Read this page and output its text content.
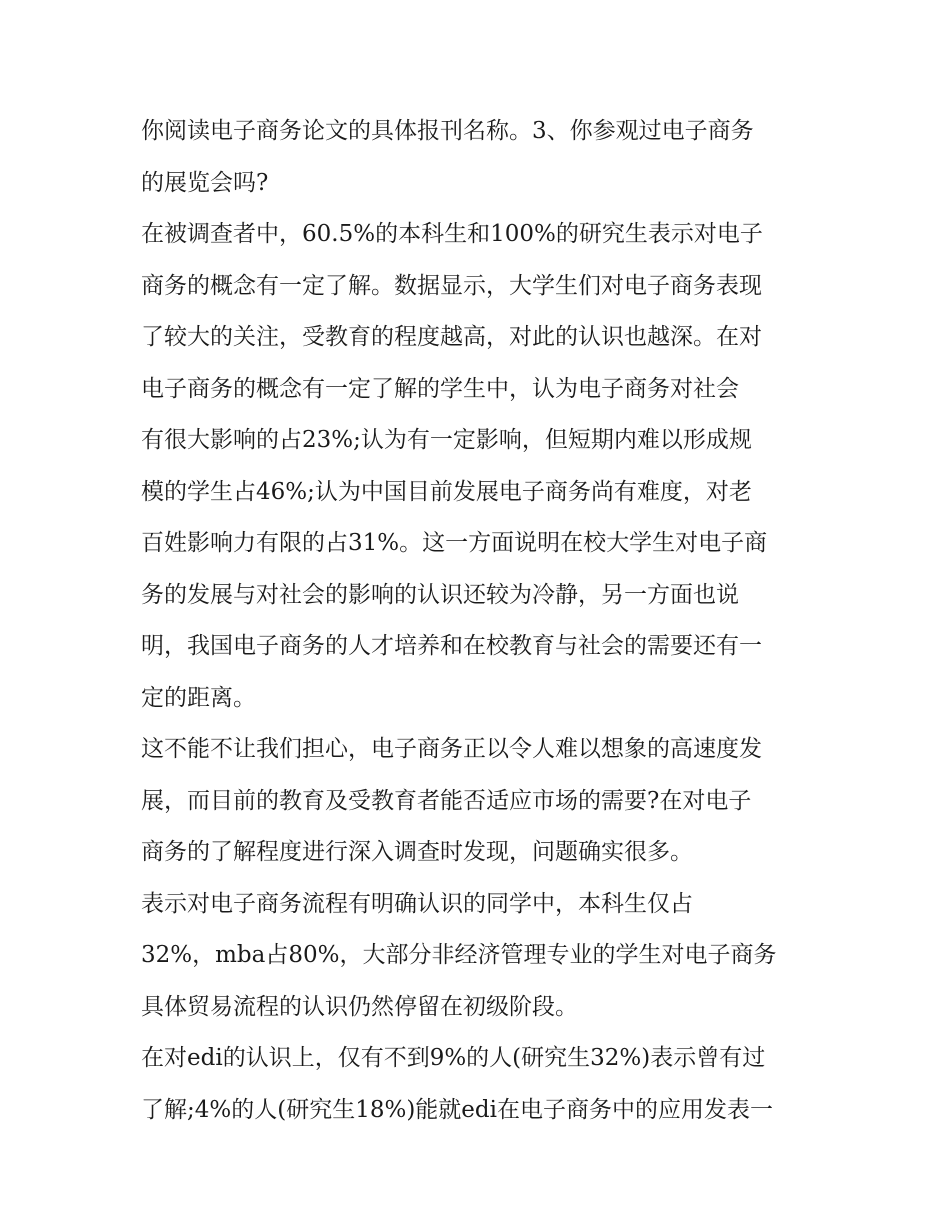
你阅读电子商务论文的具体报刊名称。3、你参观过电子商务
的展览会吗?
在被调查者中，60.5%的本科生和100%的研究生表示对电子
商务的概念有一定了解。数据显示，大学生们对电子商务表现
了较大的关注，受教育的程度越高，对此的认识也越深。在对
电子商务的概念有一定了解的学生中，认为电子商务对社会
有很大影响的占23%;认为有一定影响，但短期内难以形成规
模的学生占46%;认为中国目前发展电子商务尚有难度，对老
百姓影响力有限的占31%。这一方面说明在校大学生对电子商
务的发展与对社会的影响的认识还较为冷静，另一方面也说
明，我国电子商务的人才培养和在校教育与社会的需要还有一
定的距离。
这不能不让我们担心，电子商务正以令人难以想象的高速度发
展，而目前的教育及受教育者能否适应市场的需要?在对电子
商务的了解程度进行深入调查时发现，问题确实很多。
表示对电子商务流程有明确认识的同学中，本科生仅占
32%，mba占80%，大部分非经济管理专业的学生对电子商务
具体贸易流程的认识仍然停留在初级阶段。
在对edi的认识上，仅有不到9%的人(研究生32%)表示曾有过
了解;4%的人(研究生18%)能就edi在电子商务中的应用发表一
